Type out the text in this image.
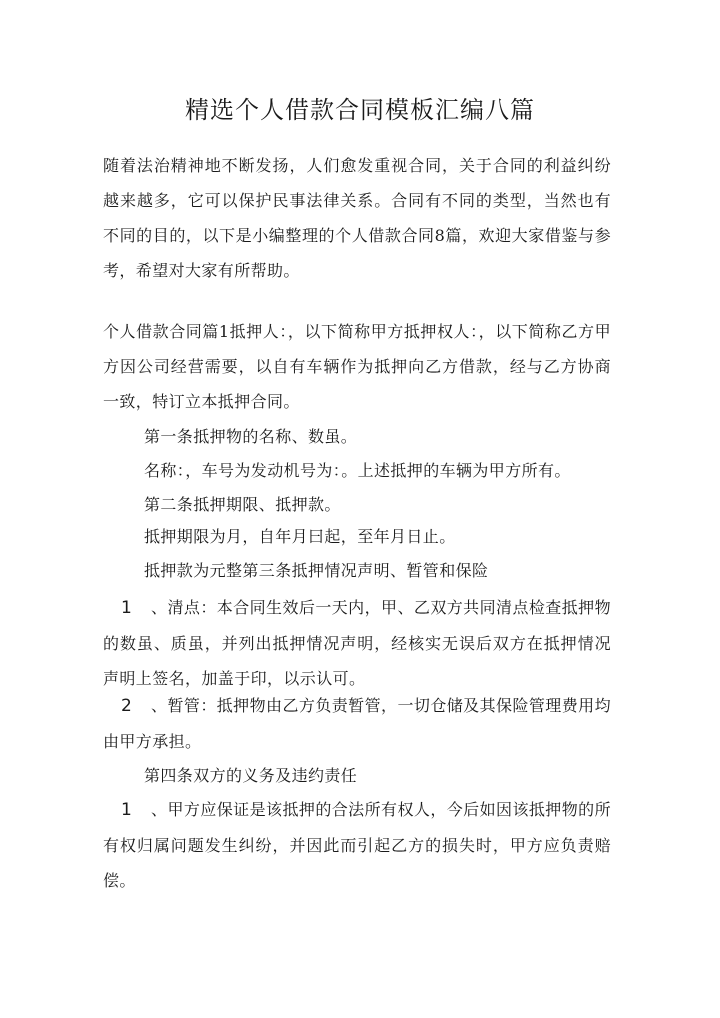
精选个人借款合同模板汇编八篇
随着法治精神地不断发扬，人们愈发重视合同，关于合同的利益纠纷越来越多，它可以保护民事法律关系。合同有不同的类型，当然也有不同的目的，以下是小编整理的个人借款合同8篇，欢迎大家借鉴与参考，希望对大家有所帮助。
个人借款合同篇1抵押人：，以下简称甲方抵押权人：，以下简称乙方甲方因公司经营需要，以自有车辆作为抵押向乙方借款，经与乙方协商一致，特订立本抵押合同。
第一条抵押物的名称、数虽。
名称：，车号为发动机号为：。上述抵押的车辆为甲方所有。
第二条抵押期限、抵押款。
抵押期限为月，自年月曰起，至年月日止。
抵押款为元整第三条抵押情况声明、暂管和保险
1 、清点：本合同生效后一天内，甲、乙双方共同清点检查抵押物的数虽、质虽，并列出抵押情况声明，经核实无误后双方在抵押情况声明上签名，加盖于印，以示认可。
2 、暂管：抵押物由乙方负责暂管，一切仓储及其保险管理费用均由甲方承担。
第四条双方的义务及违约责任
1 、甲方应保证是该抵押的合法所有权人，今后如因该抵押物的所有权归属问题发生纠纷，并因此而引起乙方的损失时，甲方应负责赔偿。
